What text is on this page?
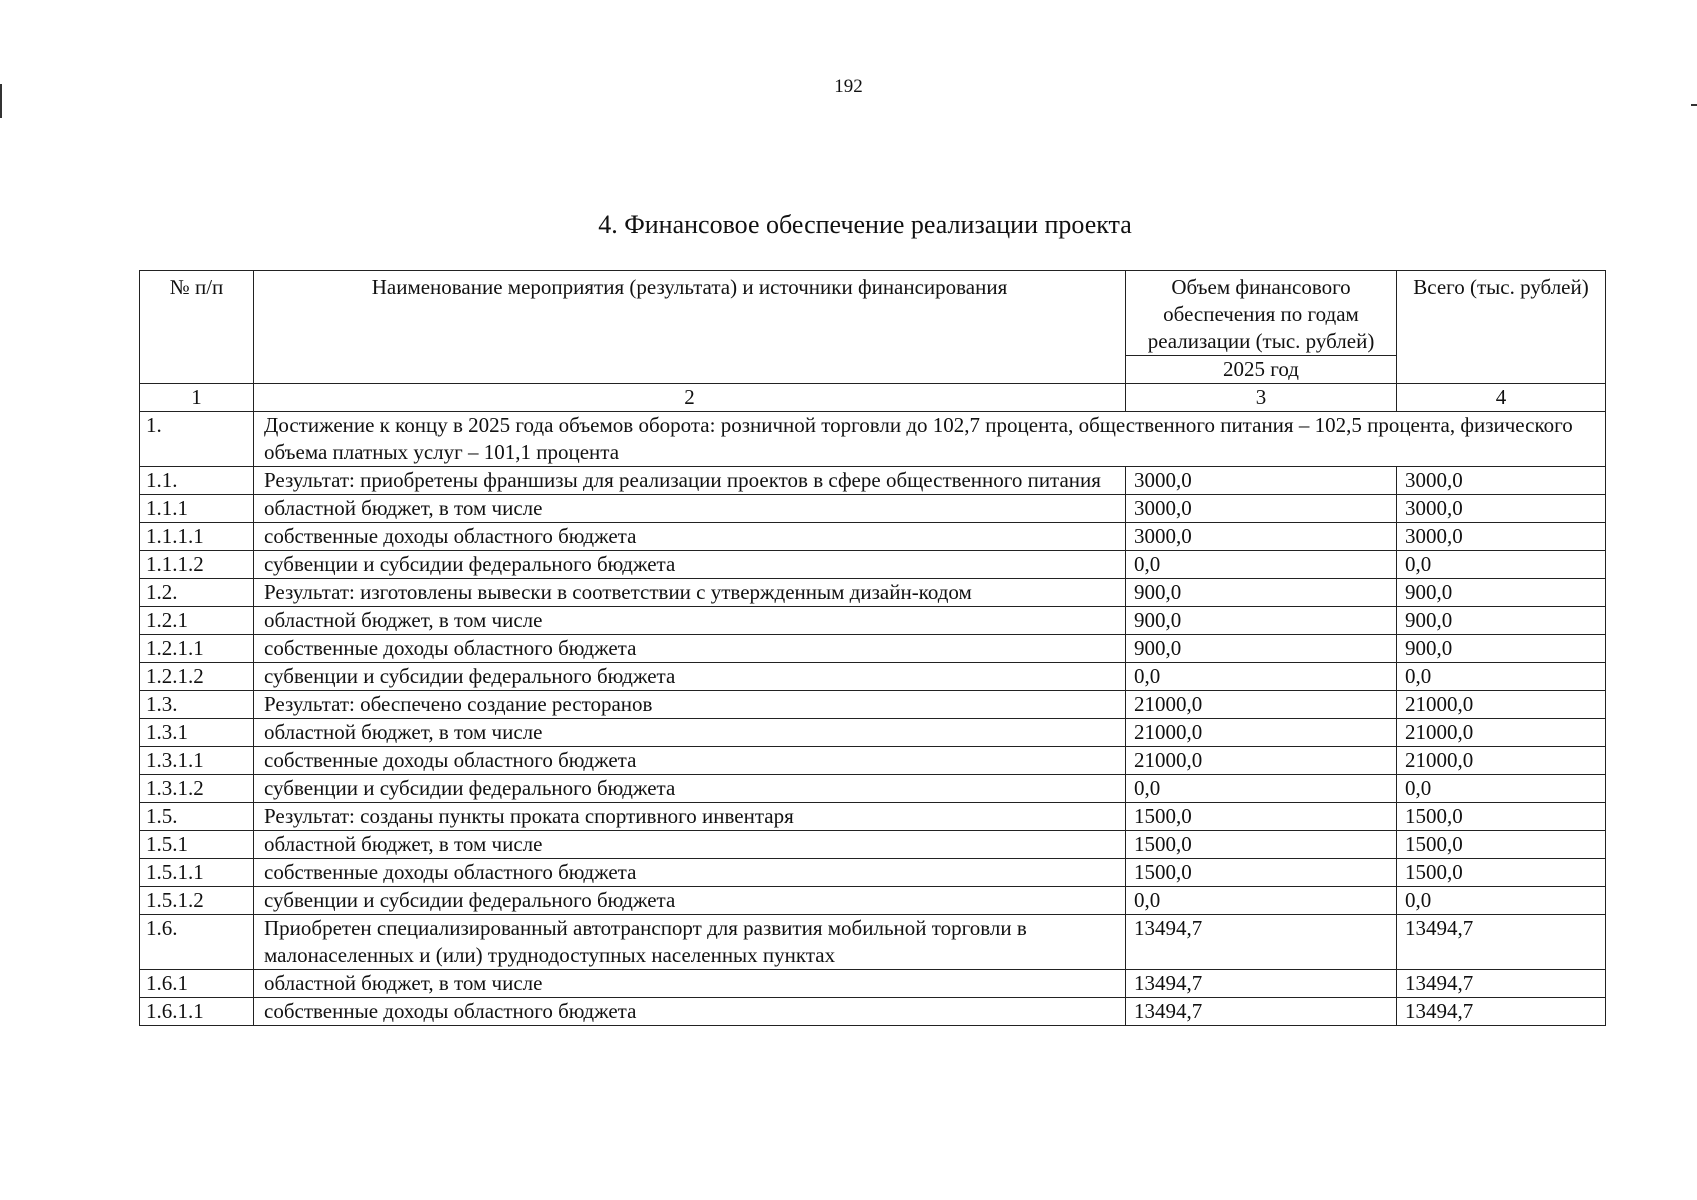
192
4. Финансовое обеспечение реализации проекта
№ п/п	Наименование мероприятия (результата) и источники финансирования	Объем финансового обеспечения по годам реализации (тыс. рублей)	Всего (тыс. рублей)
		2025 год	
1	2	3	4
1.	Достижение к концу в 2025 года объемов оборота: розничной торговли до 102,7 процента, общественного питания – 102,5 процента, физического объема платных услуг – 101,1 процента		
1.1.	Результат: приобретены франшизы для реализации проектов в сфере общественного питания	3000,0	3000,0
1.1.1	областной бюджет, в том числе	3000,0	3000,0
1.1.1.1	собственные доходы областного бюджета	3000,0	3000,0
1.1.1.2	субвенции и субсидии федерального бюджета	0,0	0,0
1.2.	Результат: изготовлены вывески в соответствии с утвержденным дизайн-кодом	900,0	900,0
1.2.1	областной бюджет, в том числе	900,0	900,0
1.2.1.1	собственные доходы областного бюджета	900,0	900,0
1.2.1.2	субвенции и субсидии федерального бюджета	0,0	0,0
1.3.	Результат: обеспечено создание ресторанов	21000,0	21000,0
1.3.1	областной бюджет, в том числе	21000,0	21000,0
1.3.1.1	собственные доходы областного бюджета	21000,0	21000,0
1.3.1.2	субвенции и субсидии федерального бюджета	0,0	0,0
1.5.	Результат: созданы пункты проката спортивного инвентаря	1500,0	1500,0
1.5.1	областной бюджет, в том числе	1500,0	1500,0
1.5.1.1	собственные доходы областного бюджета	1500,0	1500,0
1.5.1.2	субвенции и субсидии федерального бюджета	0,0	0,0
1.6.	Приобретен специализированный автотранспорт для развития мобильной торговли в малонаселенных и (или) труднодоступных населенных пунктах	13494,7	13494,7
1.6.1	областной бюджет, в том числе	13494,7	13494,7
1.6.1.1	собственные доходы областного бюджета	13494,7	13494,7
